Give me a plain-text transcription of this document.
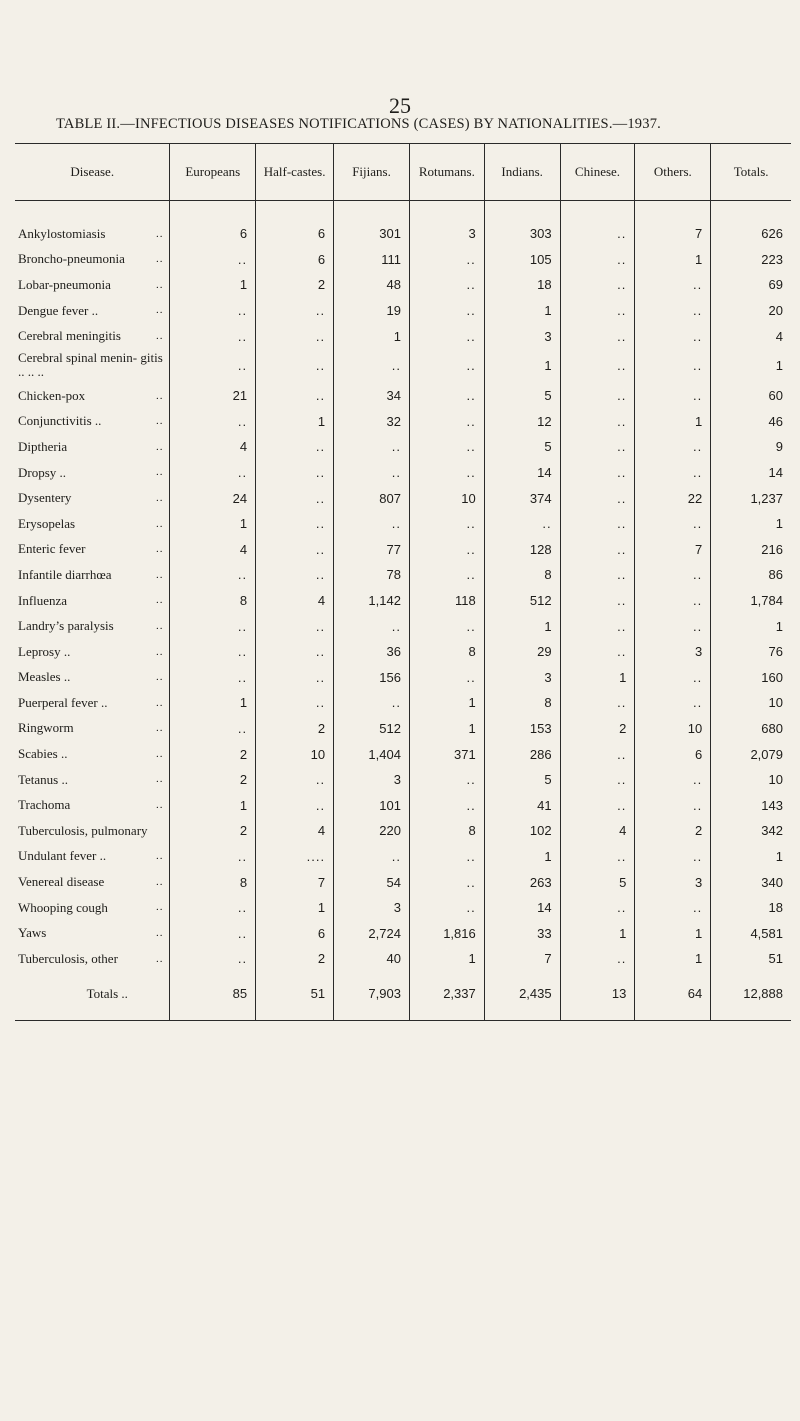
25
TABLE II.—INFECTIOUS DISEASES NOTIFICATIONS (CASES) BY NATIONALITIES.—1937.
Disease.	Europeans	Half-castes.	Fijians.	Rotumans.	Indians.	Chinese.	Others.	Totals.

Ankylostomiasis ..	6	6	301	3	303	..	7	626
Broncho-pneumonia ..	..	6	111	..	105	..	1	223
Lobar-pneumonia ..	1	2	48	..	18	..	..	69
Dengue fever .. ..	..	..	19	..	1	..	..	20
Cerebral meningitis ..	..	..	1	..	3	..	..	4
Cerebral spinal menin- gitis .. .. ..	..	..	..	..	1	..	..	1
Chicken-pox ..	21	..	34	..	5	..	..	60
Conjunctivitis .. ..	..	1	32	..	12	..	1	46
Diptheria ..	4	..	..	..	5	..	..	9
Dropsy .. ..	..	..	..	..	14	..	..	14
Dysentery ..	24	..	807	10	374	..	22	1,237
Erysopelas ..	1	..	..	..	..	..	..	1
Enteric fever ..	4	..	77	..	128	..	7	216
Infantile diarrhœa ..	..	..	78	..	8	..	..	86
Influenza ..	8	4	1,142	118	512	..	..	1,784
Landry’s paralysis ..	..	..	..	..	1	..	..	1
Leprosy .. ..	..	..	36	8	29	..	3	76
Measles .. ..	..	..	156	..	3	1	..	160
Puerperal fever .. ..	1	..	..	1	8	..	..	10
Ringworm ..	..	2	512	1	153	2	10	680
Scabies .. ..	2	10	1,404	371	286	..	6	2,079
Tetanus .. ..	2	..	3	..	5	..	..	10
Trachoma ..	1	..	101	..	41	..	..	143
Tuberculosis, pulmonary	2	4	220	8	102	4	2	342
Undulant fever .. ..	..	....	..	..	1	..	..	1
Venereal disease ..	8	7	54	..	263	5	3	340
Whooping cough ..	..	1	3	..	14	..	..	18
Yaws ..	..	6	2,724	1,816	33	1	1	4,581
Tuberculosis, other ..	..	2	40	1	7	..	1	51

Totals ..	85	51	7,903	2,337	2,435	13	64	12,888
